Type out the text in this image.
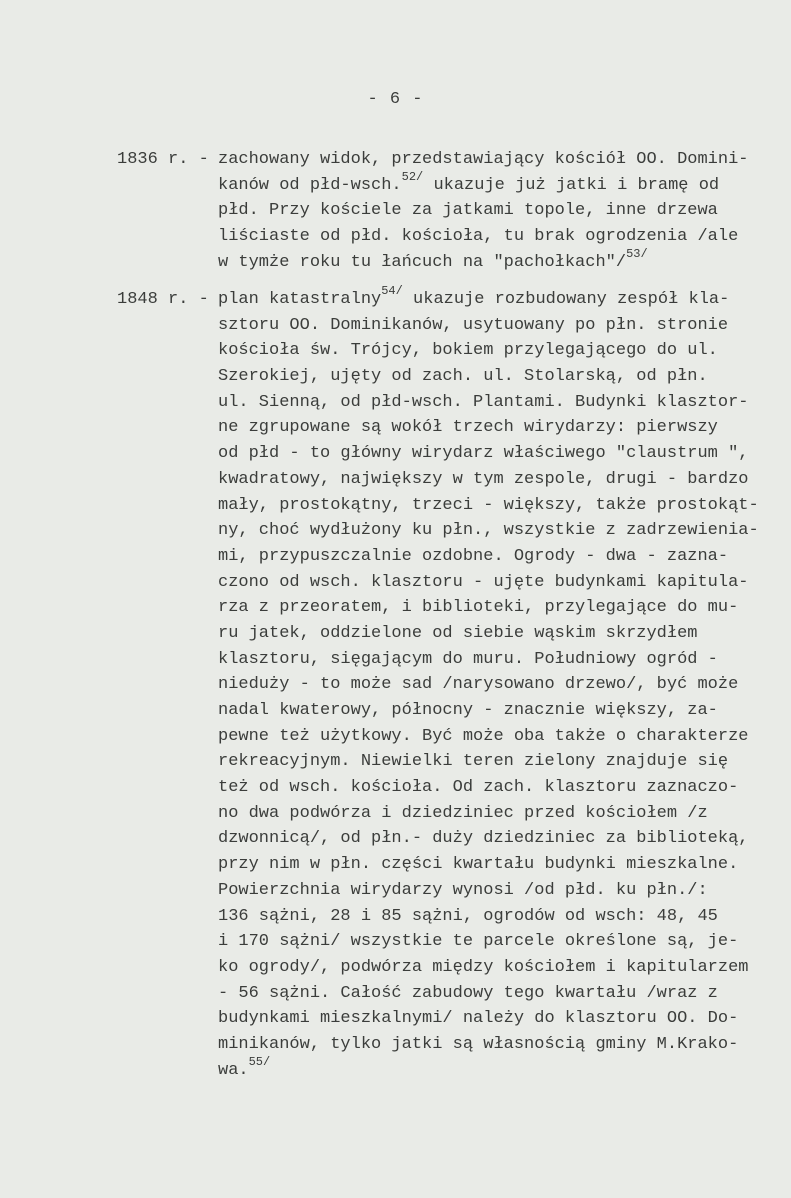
- 6 -
1836 r. - zachowany widok, przedstawiający kościół OO. Domini-
kanów od płd-wsch.$^{52/}$ ukazuje już jatki i bramę od
płd. Przy kościele za jatkami topole, inne drzewa
liściaste od płd. kościoła, tu brak ogrodzenia /ale
w tymże roku tu łańcuch na "pachołkach"/$^{53/}$
1848 r. - plan katastralny$^{54/}$ ukazuje rozbudowany zespół kla-
sztoru OO. Dominikanów, usytuowany po płn. stronie
kościoła św. Trójcy, bokiem przylegającego do ul.
Szerokiej, ujęty od zach. ul. Stolarską, od płn.
ul. Sienną, od płd-wsch. Plantami. Budynki klasztor-
ne zgrupowane są wokół trzech wirydarzy: pierwszy
od płd - to główny wirydarz właściwego "claustrum ",
kwadratowy, największy w tym zespole, drugi - bardzo
mały, prostokątny, trzeci - większy, także prostokąt-
ny, choć wydłużony ku płn., wszystkie z zadrzewienia-
mi, przypuszczalnie ozdobne. Ogrody - dwa - zazna-
czono od wsch. klasztoru - ujęte budynkami kapitula-
rza z przeoratem, i biblioteki, przylegające do mu-
ru jatek, oddzielone od siebie wąskim skrzydłem
klasztoru, sięgającym do muru. Południowy ogród -
nieduży - to może sad /narysowano drzewo/, być może
nadal kwaterowy, północny - znacznie większy, za-
pewne też użytkowy. Być może oba także o charakterze
rekreacyjnym. Niewielki teren zielony znajduje się
też od wsch. kościoła. Od zach. klasztoru zaznaczo-
no dwa podwórza i dziedziniec przed kościołem /z
dzwonnicą/, od płn.- duży dziedziniec za biblioteką,
przy nim w płn. części kwartału budynki mieszkalne.
Powierzchnia wirydarzy wynosi /od płd. ku płn./:
136 sążni, 28 i 85 sążni, ogrodów od wsch: 48, 45
i 170 sążni/ wszystkie te parcele określone są, je-
ko ogrody/, podwórza między kościołem i kapitularzem
- 56 sążni. Całość zabudowy tego kwartału /wraz z
budynkami mieszkalnymi/ należy do klasztoru OO. Do-
minikanów, tylko jatki są własnością gminy M.Krako-
wa.$^{55/}$
